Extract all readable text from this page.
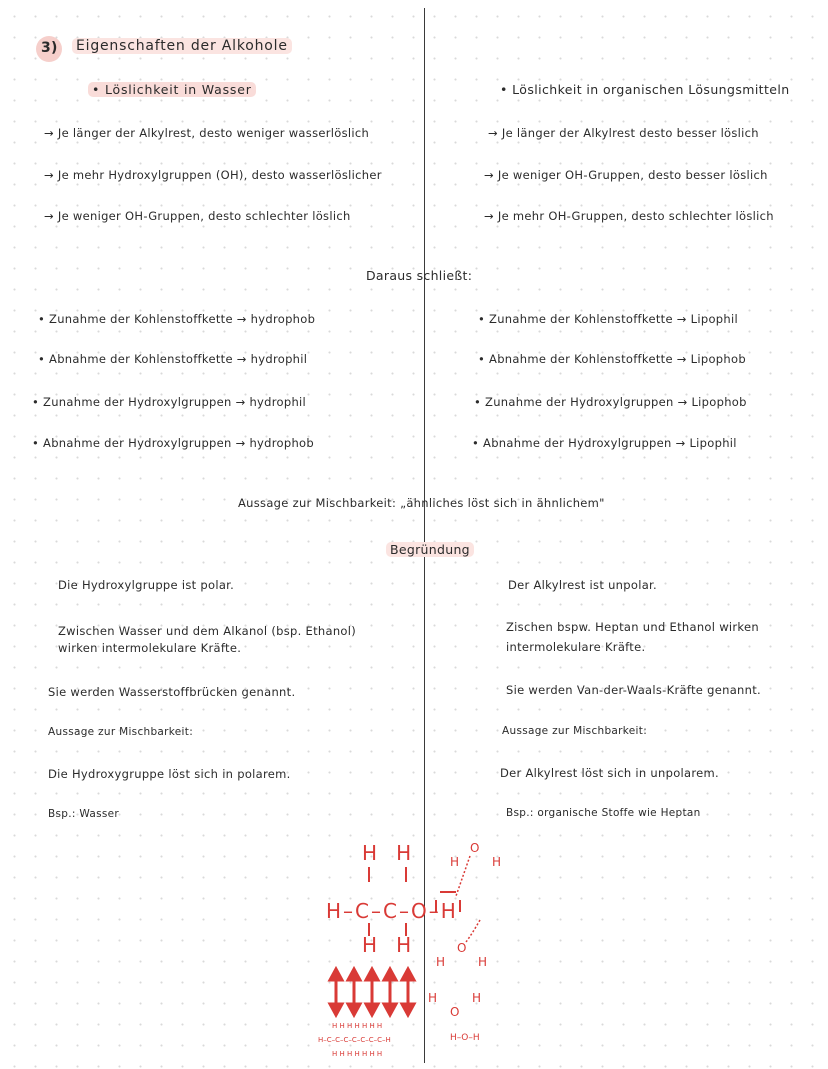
3) Eigenschaften der Alkohole
• Löslichkeit in Wasser	• Löslichkeit in organischen Lösungsmitteln
→ Je länger der Alkylrest, desto weniger wasserlöslich
→ Je mehr Hydroxylgruppen (OH), desto wasserlöslicher
→ Je weniger OH-Gruppen, desto schlechter löslich
→ Je länger der Alkylrest desto besser löslich
→ Je weniger OH-Gruppen, desto besser löslich
→ Je mehr OH-Gruppen, desto schlechter löslich
Daraus schließt:
• Zunahme der Kohlenstoffkette → hydrophob
• Abnahme der Kohlenstoffkette → hydrophil
• Zunahme der Hydroxylgruppen → hydrophil
• Abnahme der Hydroxylgruppen → hydrophob
• Zunahme der Kohlenstoffkette → Lipophil
• Abnahme der Kohlenstoffkette → Lipophob
• Zunahme der Hydroxylgruppen → Lipophob
• Abnahme der Hydroxylgruppen → Lipophil
Aussage zur Mischbarkeit: „ähnliches löst sich in ähnlichem"
Begründung
Die Hydroxylgruppe ist polar.
Zwischen Wasser und dem Alkanol (bsp. Ethanol)
wirken intermolekulare Kräfte.
Sie werden Wasserstoffbrücken genannt.
Aussage zur Mischbarkeit:
Die Hydroxygruppe löst sich in polarem.
Bsp.: Wasser
Der Alkylrest ist unpolar.
Zischen bspw. Heptan und Ethanol wirken
intermolekulare Kräfte.
Sie werden Van-der-Waals-Kräfte genannt.
Aussage zur Mischbarkeit:
Der Alkylrest löst sich in unpolarem.
Bsp.: organische Stoffe wie Heptan
H   H
H–C–C–O–H
H   H
H
O
H
H
O
H
H
O
H
H–O–H
H H H H H H H
H–C–C–C–C–C–C–C–H
H H H H H H H
